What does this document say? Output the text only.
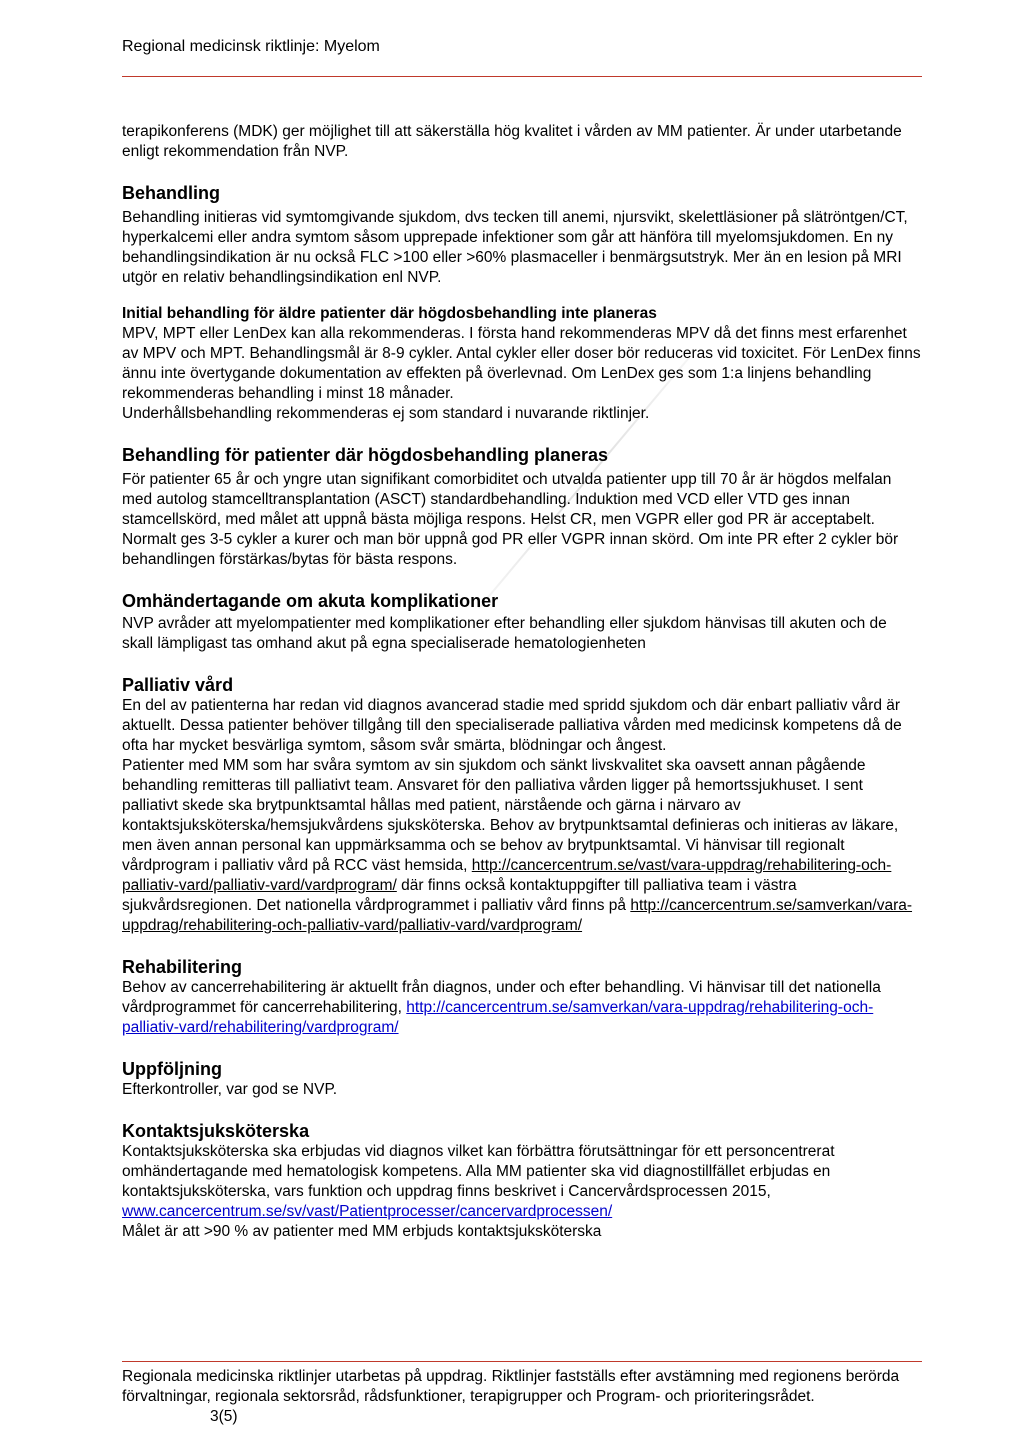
Regional medicinsk riktlinje: Myelom

terapikonferens (MDK) ger möjlighet till att säkerställa hög kvalitet i vården av MM patienter. Är under utarbetande enligt rekommendation från NVP.

Behandling

Behandling initieras vid symtomgivande sjukdom, dvs tecken till anemi, njursvikt, skelettläsioner på slätröntgen/CT, hyperkalcemi eller andra symtom såsom upprepade infektioner som går att hänföra till myelomsjukdomen. En ny behandlingsindikation är nu också FLC >100 eller >60% plasmaceller i benmärgsutstryk. Mer än en lesion på MRI utgör en relativ behandlingsindikation enl NVP.

Initial behandling för äldre patienter där högdosbehandling inte planeras

MPV, MPT eller LenDex kan alla rekommenderas. I första hand rekommenderas MPV då det finns mest erfarenhet av MPV och MPT. Behandlingsmål är 8-9 cykler. Antal cykler eller doser bör reduceras vid toxicitet. För LenDex finns ännu inte övertygande dokumentation av effekten på överlevnad. Om LenDex ges som 1:a linjens behandling rekommenderas behandling i minst 18 månader.

Underhållsbehandling rekommenderas ej som standard i nuvarande riktlinjer.

Behandling för patienter där högdosbehandling planeras

För patienter 65 år och yngre utan signifikant comorbiditet och utvalda patienter upp till 70 år är högdos melfalan med autolog stamcelltransplantation (ASCT) standardbehandling. Induktion med VCD eller VTD ges innan stamcellskörd, med målet att uppnå bästa möjliga respons. Helst CR, men VGPR eller god PR är acceptabelt. Normalt ges 3-5 cykler a kurer och man bör uppnå god PR eller VGPR innan skörd. Om inte PR efter 2 cykler bör behandlingen förstärkas/bytas för bästa respons.

Omhändertagande om akuta komplikationer

NVP avråder att myelompatienter med komplikationer efter behandling eller sjukdom hänvisas till akuten och de skall lämpligast tas omhand akut på egna specialiserade hematologienheten

Palliativ vård

En del av patienterna har redan vid diagnos avancerad stadie med spridd sjukdom och där enbart palliativ vård är aktuellt. Dessa patienter behöver tillgång till den specialiserade palliativa vården med medicinsk kompetens då de ofta har mycket besvärliga symtom, såsom svår smärta, blödningar och ångest.

Patienter med MM som har svåra symtom av sin sjukdom och sänkt livskvalitet ska oavsett annan pågående behandling remitteras till palliativt team. Ansvaret för den palliativa vården ligger på hemortssjukhuset. I sent palliativt skede ska brytpunktsamtal hållas med patient, närstående och gärna i närvaro av kontaktsjuksköterska/hemsjukvårdens sjuksköterska. Behov av brytpunktsamtal definieras och initieras av läkare, men även annan personal kan uppmärksamma och se behov av brytpunktsamtal. Vi hänvisar till regionalt vårdprogram i palliativ vård på RCC väst hemsida, http://cancercentrum.se/vast/vara-uppdrag/rehabilitering-och-palliativ-vard/palliativ-vard/vardprogram/ där finns också kontaktuppgifter till palliativa team i västra sjukvårdsregionen. Det nationella vårdprogrammet i palliativ vård finns på http://cancercentrum.se/samverkan/vara-uppdrag/rehabilitering-och-palliativ-vard/palliativ-vard/vardprogram/

Rehabilitering

Behov av cancerrehabilitering är aktuellt från diagnos, under och efter behandling. Vi hänvisar till det nationella vårdprogrammet för cancerrehabilitering, http://cancercentrum.se/samverkan/vara-uppdrag/rehabilitering-och-palliativ-vard/rehabilitering/vardprogram/

Uppföljning

Efterkontroller, var god se NVP.

Kontaktsjuksköterska

Kontaktsjuksköterska ska erbjudas vid diagnos vilket kan förbättra förutsättningar för ett personcentrerat omhändertagande med hematologisk kompetens. Alla MM patienter ska vid diagnostillfället erbjudas en kontaktsjuksköterska, vars funktion och uppdrag finns beskrivet i Cancervårdsprocessen 2015, www.cancercentrum.se/sv/vast/Patientprocesser/cancervardprocessen/

Målet är att >90 % av patienter med MM erbjuds kontaktsjuksköterska

Regionala medicinska riktlinjer utarbetas på uppdrag. Riktlinjer fastställs efter avstämning med regionens berörda förvaltningar, regionala sektorsråd, rådsfunktioner, terapigrupper och Program- och prioriteringsrådet. 3(5)
